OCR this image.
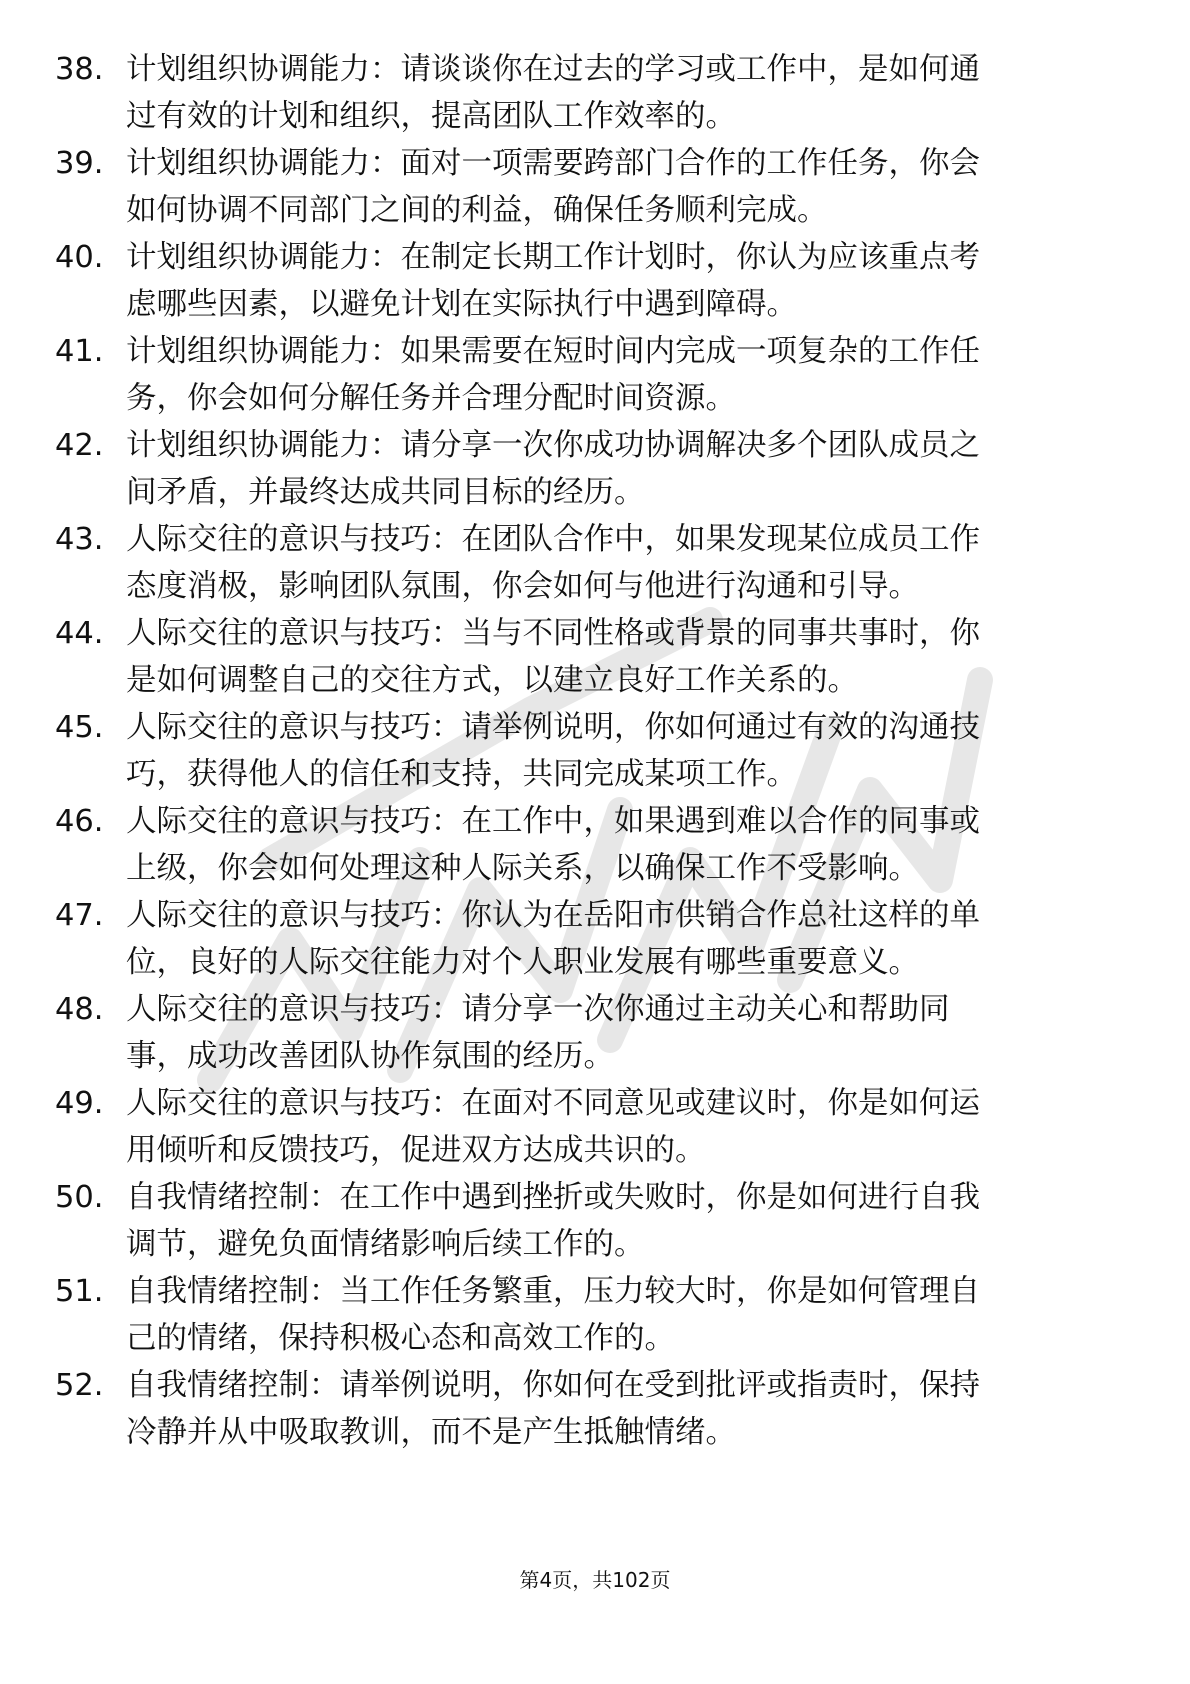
38. 计划组织协调能力：请谈谈你在过去的学习或工作中，是如何通
过有效的计划和组织，提高团队工作效率的。
39. 计划组织协调能力：面对一项需要跨部门合作的工作任务，你会
如何协调不同部门之间的利益，确保任务顺利完成。
40. 计划组织协调能力：在制定长期工作计划时，你认为应该重点考
虑哪些因素，以避免计划在实际执行中遇到障碍。
41. 计划组织协调能力：如果需要在短时间内完成一项复杂的工作任
务，你会如何分解任务并合理分配时间资源。
42. 计划组织协调能力：请分享一次你成功协调解决多个团队成员之
间矛盾，并最终达成共同目标的经历。
43. 人际交往的意识与技巧：在团队合作中，如果发现某位成员工作
态度消极，影响团队氛围，你会如何与他进行沟通和引导。
44. 人际交往的意识与技巧：当与不同性格或背景的同事共事时，你
是如何调整自己的交往方式，以建立良好工作关系的。
45. 人际交往的意识与技巧：请举例说明，你如何通过有效的沟通技
巧，获得他人的信任和支持，共同完成某项工作。
46. 人际交往的意识与技巧：在工作中，如果遇到难以合作的同事或
上级，你会如何处理这种人际关系，以确保工作不受影响。
47. 人际交往的意识与技巧：你认为在岳阳市供销合作总社这样的单
位，良好的人际交往能力对个人职业发展有哪些重要意义。
48. 人际交往的意识与技巧：请分享一次你通过主动关心和帮助同
事，成功改善团队协作氛围的经历。
49. 人际交往的意识与技巧：在面对不同意见或建议时，你是如何运
用倾听和反馈技巧，促进双方达成共识的。
50. 自我情绪控制：在工作中遇到挫折或失败时，你是如何进行自我
调节，避免负面情绪影响后续工作的。
51. 自我情绪控制：当工作任务繁重，压力较大时，你是如何管理自
己的情绪，保持积极心态和高效工作的。
52. 自我情绪控制：请举例说明，你如何在受到批评或指责时，保持
冷静并从中吸取教训，而不是产生抵触情绪。
第4页，共102页
